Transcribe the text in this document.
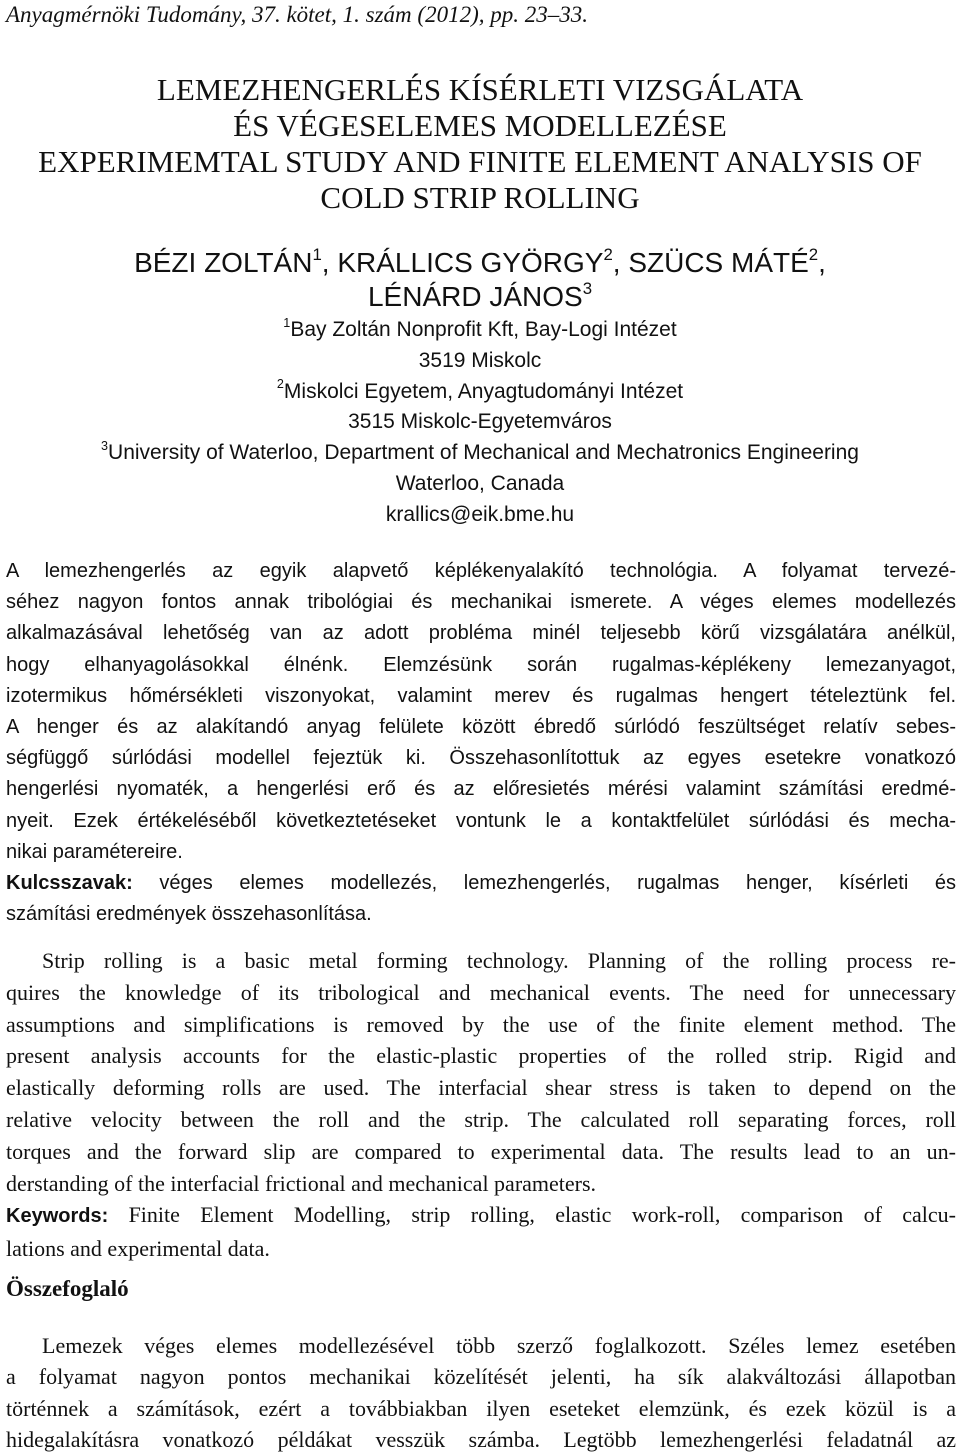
Anyagmérnöki Tudomány, 37. kötet, 1. szám (2012), pp. 23–33.
LEMEZHENGERLÉS KÍSÉRLETI VIZSGÁLATA
ÉS VÉGESELEMES MODELLEZÉSE
EXPERIMEMTAL STUDY AND FINITE ELEMENT ANALYSIS OF
COLD STRIP ROLLING
BÉZI ZOLTÁN$^1$, KRÁLLICS GYÖRGY$^2$, SZÜCS MÁTÉ$^2$,
LÉNÁRD JÁNOS$^3$
$^1$Bay Zoltán Nonprofit Kft, Bay-Logi Intézet
3519 Miskolc
$^2$Miskolci Egyetem, Anyagtudományi Intézet
3515 Miskolc-Egyetemváros
$^3$University of Waterloo, Department of Mechanical and Mechatronics Engineering
Waterloo, Canada
krallics@eik.bme.hu
A lemezhengerlés az egyik alapvető képlékenyalakító technológia. A folyamat tervezé-
séhez nagyon fontos annak tribológiai és mechanikai ismerete. A véges elemes modellezés
alkalmazásával lehetőség van az adott probléma minél teljesebb körű vizsgálatára anélkül,
hogy elhanyagolásokkal élnénk. Elemzésünk során rugalmas-képlékeny lemezanyagot,
izotermikus hőmérsékleti viszonyokat, valamint merev és rugalmas hengert tételeztünk fel.
A henger és az alakítandó anyag felülete között ébredő súrlódó feszültséget relatív sebes-
ségfüggő súrlódási modellel fejeztük ki. Összehasonlítottuk az egyes esetekre vonatkozó
hengerlési nyomaték, a hengerlési erő és az előresietés mérési valamint számítási eredmé-
nyeit. Ezek értékeléséből következtetéseket vontunk le a kontaktfelület súrlódási és mecha-
nikai paramétereire.
Kulcsszavak: véges elemes modellezés, lemezhengerlés, rugalmas henger, kísérleti és
számítási eredmények összehasonlítása.
Strip rolling is a basic metal forming technology. Planning of the rolling process re-
quires the knowledge of its tribological and mechanical events. The need for unnecessary
assumptions and simplifications is removed by the use of the finite element method. The
present analysis accounts for the elastic-plastic properties of the rolled strip. Rigid and
elastically deforming rolls are used. The interfacial shear stress is taken to depend on the
relative velocity between the roll and the strip. The calculated roll separating forces, roll
torques and the forward slip are compared to experimental data. The results lead to an un-
derstanding of the interfacial frictional and mechanical parameters.
Keywords: Finite Element Modelling, strip rolling, elastic work-roll, comparison of calcu-
lations and experimental data.
Összefoglaló
Lemezek véges elemes modellezésével több szerző foglalkozott. Széles lemez esetében
a folyamat nagyon pontos mechanikai közelítését jelenti, ha sík alakváltozási állapotban
történnek a számítások, ezért a továbbiakban ilyen eseteket elemzünk, és ezek közül is a
hidegalakításra vonatkozó példákat vesszük számba. Legtöbb lemezhengerlési feladatnál az
